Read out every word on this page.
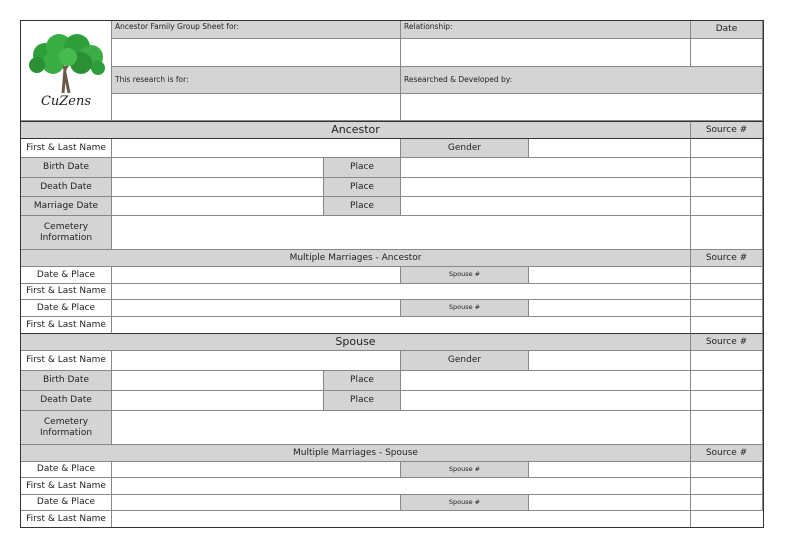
CuZens
Ancestor Family Group Sheet for:	Relationship:	Date
This research is for:	Researched & Developed by:
Ancestor	Source #
First & Last Name	Gender
Birth Date	Place
Death Date	Place
Marriage Date	Place
Cemetery Information
Multiple Marriages - Ancestor	Source #
Date & Place	Spouse #
First & Last Name
Date & Place	Spouse #
First & Last Name
Spouse	Source #
First & Last Name	Gender
Birth Date	Place
Death Date	Place
Cemetery Information
Multiple Marriages - Spouse	Source #
Date & Place	Spouse #
First & Last Name
Date & Place	Spouse #
First & Last Name
